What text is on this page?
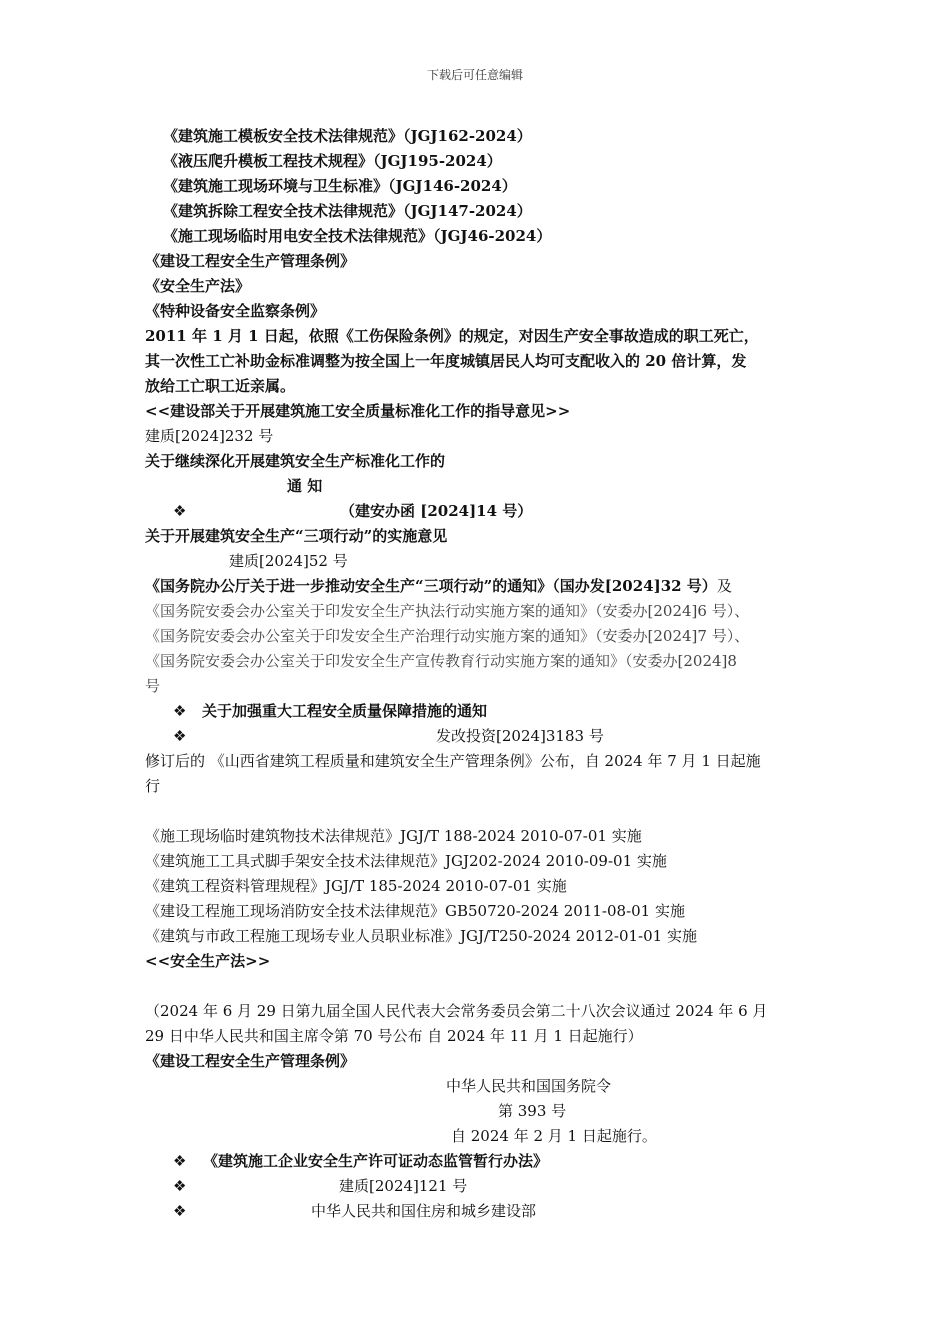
下载后可任意编辑
《建筑施工模板安全技术法律规范》（JGJ162-2024）
《液压爬升模板工程技术规程》（JGJ195-2024）
《建筑施工现场环境与卫生标准》（JGJ146-2024）
《建筑拆除工程安全技术法律规范》（JGJ147-2024）
《施工现场临时用电安全技术法律规范》（JGJ46-2024）
《建设工程安全生产管理条例》
《安全生产法》
《特种设备安全监察条例》
2011 年 1 月 1 日起，依照《工伤保险条例》的规定，对因生产安全事故造成的职工死亡，
其一次性工亡补助金标准调整为按全国上一年度城镇居民人均可支配收入的 20 倍计算，发
放给工亡职工近亲属。
<<建设部关于开展建筑施工安全质量标准化工作的指导意见>>
建质[2024]232 号
关于继续深化开展建筑安全生产标准化工作的
通 知
❖	（建安办函 [2024]14 号）
关于开展建筑安全生产“三项行动”的实施意见
建质[2024]52 号
《国务院办公厅关于进一步推动安全生产“三项行动”的通知》（国办发[2024]32 号）及
《国务院安委会办公室关于印发安全生产治理行动实施方案的通知》（安委办[2024]7 号）、
《国务院安委会办公室关于印发安全生产执法行动实施方案的通知》（安委办[2024]6 号）、
《国务院安委会办公室关于印发安全生产宣传教育行动实施方案的通知》（安委办[2024]8
号
❖ 关于加强重大工程安全质量保障措施的通知
❖	发改投资[2024]3183 号
修订后的 《山西省建筑工程质量和建筑安全生产管理条例》公布，自 2024 年 7 月 1 日起施
行
《施工现场临时建筑物技术法律规范》JGJ/T 188-2024 2010-07-01 实施
《建筑施工工具式脚手架安全技术法律规范》JGJ202-2024 2010-09-01 实施
《建筑工程资料管理规程》JGJ/T 185-2024 2010-07-01 实施
《建设工程施工现场消防安全技术法律规范》GB50720-2024 2011-08-01 实施
《建筑与市政工程施工现场专业人员职业标准》JGJ/T250-2024 2012-01-01 实施
<<安全生产法>>
（2024 年 6 月 29 日第九届全国人民代表大会常务委员会第二十八次会议通过 2024 年 6 月
29 日中华人民共和国主席令第 70 号公布 自 2024 年 11 月 1 日起施行）
《建设工程安全生产管理条例》
中华人民共和国国务院令
第 393 号
自 2024 年 2 月 1 日起施行。
❖ 《建筑施工企业安全生产许可证动态监管暂行办法》
❖	建质[2024]121 号
❖	中华人民共和国住房和城乡建设部
